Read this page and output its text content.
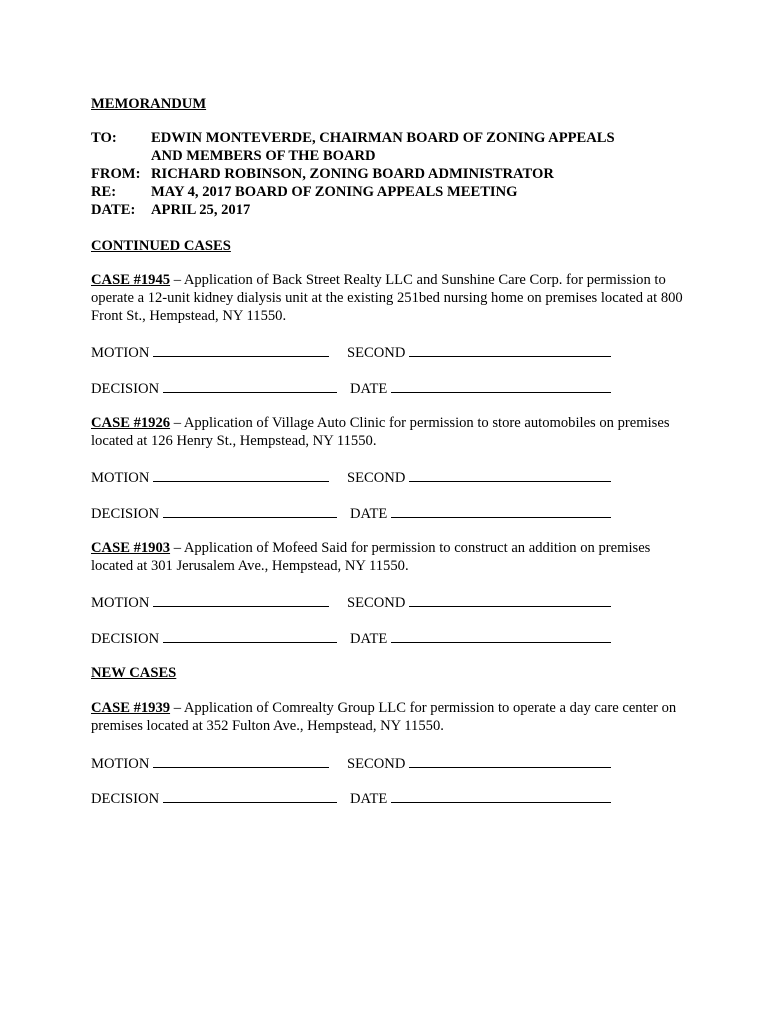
MEMORANDUM
TO: EDWIN MONTEVERDE, CHAIRMAN BOARD OF ZONING APPEALS
AND MEMBERS OF THE BOARD
FROM: RICHARD ROBINSON, ZONING BOARD ADMINISTRATOR
RE: MAY 4, 2017 BOARD OF ZONING APPEALS MEETING
DATE: APRIL 25, 2017
CONTINUED CASES
CASE #1945 – Application of Back Street Realty LLC and Sunshine Care Corp. for permission to operate a 12-unit kidney dialysis unit at the existing 251bed nursing home on premises located at 800 Front St., Hempstead, NY 11550.
MOTION	SECOND
DECISION	DATE
CASE #1926 – Application of Village Auto Clinic for permission to store automobiles on premises located at 126 Henry St., Hempstead, NY 11550.
MOTION	SECOND
DECISION	DATE
CASE #1903 – Application of Mofeed Said for permission to construct an addition on premises located at 301 Jerusalem Ave., Hempstead, NY 11550.
MOTION	SECOND
DECISION	DATE
NEW CASES
CASE #1939 – Application of Comrealty Group LLC for permission to operate a day care center on premises located at 352 Fulton Ave., Hempstead, NY 11550.
MOTION	SECOND
DECISION	DATE
